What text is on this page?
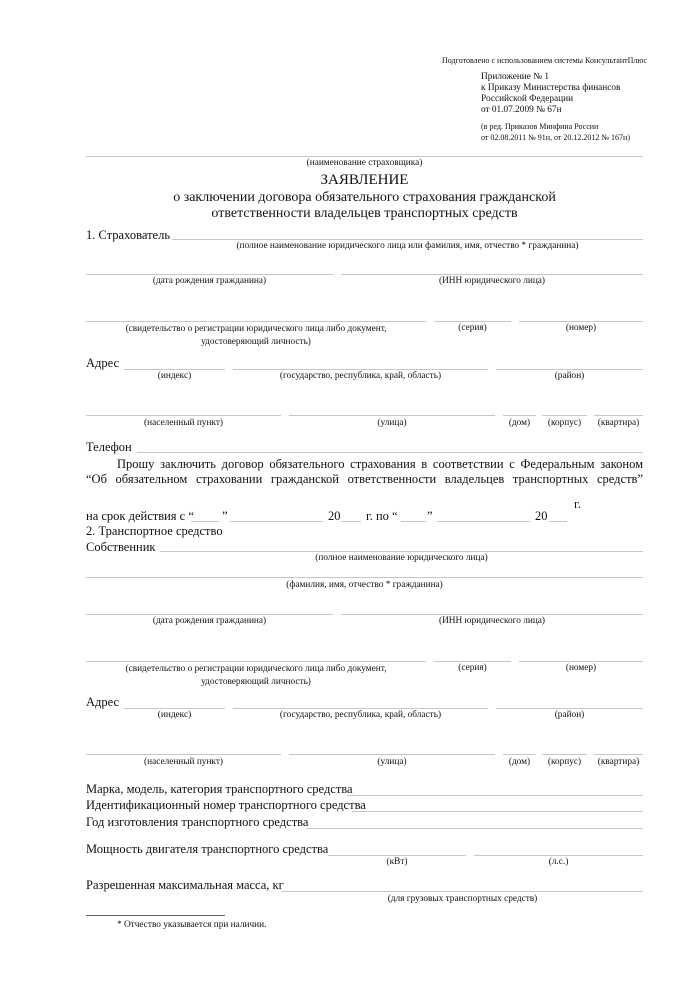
Подготовлено с использованием системы КонсультантПлюс
Приложение № 1
к Приказу Министерства финансов
Российской Федерации
от 01.07.2009 № 67н
(в ред. Приказов Минфина России
от 02.08.2011 № 91н, от 20.12.2012 № 167н)
(наименование страховщика)
ЗАЯВЛЕНИЕ
о заключении договора обязательного страхования гражданской
ответственности владельцев транспортных средств
1. Страхователь
(полное наименование юридического лица или фамилия, имя, отчество * гражданина)
(дата рождения гражданина)	(ИНН юридического лица)
(свидетельство о регистрации юридического лица либо документ,
удостоверяющий личность)
(серия)	(номер)
Адрес
(индекс)	(государство, республика, край, область)	(район)
(населенный пункт)	(улица)	(дом)	(корпус)	(квартира)
Телефон
Прошу заключить договор обязательного страхования в соответствии с Федеральным законом
“Об обязательном страховании гражданской ответственности владельцев транспортных средств”
на срок действия с “ ”	20 г. по “ ”	20
г.
2. Транспортное средство
Собственник
(полное наименование юридического лица)
(фамилия, имя, отчество * гражданина)
(дата рождения гражданина)	(ИНН юридического лица)
(свидетельство о регистрации юридического лица либо документ,
удостоверяющий личность)
(серия)	(номер)
Адрес
(индекс)	(государство, республика, край, область)	(район)
(населенный пункт)	(улица)	(дом)	(корпус)	(квартира)
Марка, модель, категория транспортного средства
Идентификационный номер транспортного средства
Год изготовления транспортного средства
Мощность двигателя транспортного средства
(кВт)	(л.с.)
Разрешенная максимальная масса, кг
(для грузовых транспортных средств)
* Отчество указывается при наличии.
